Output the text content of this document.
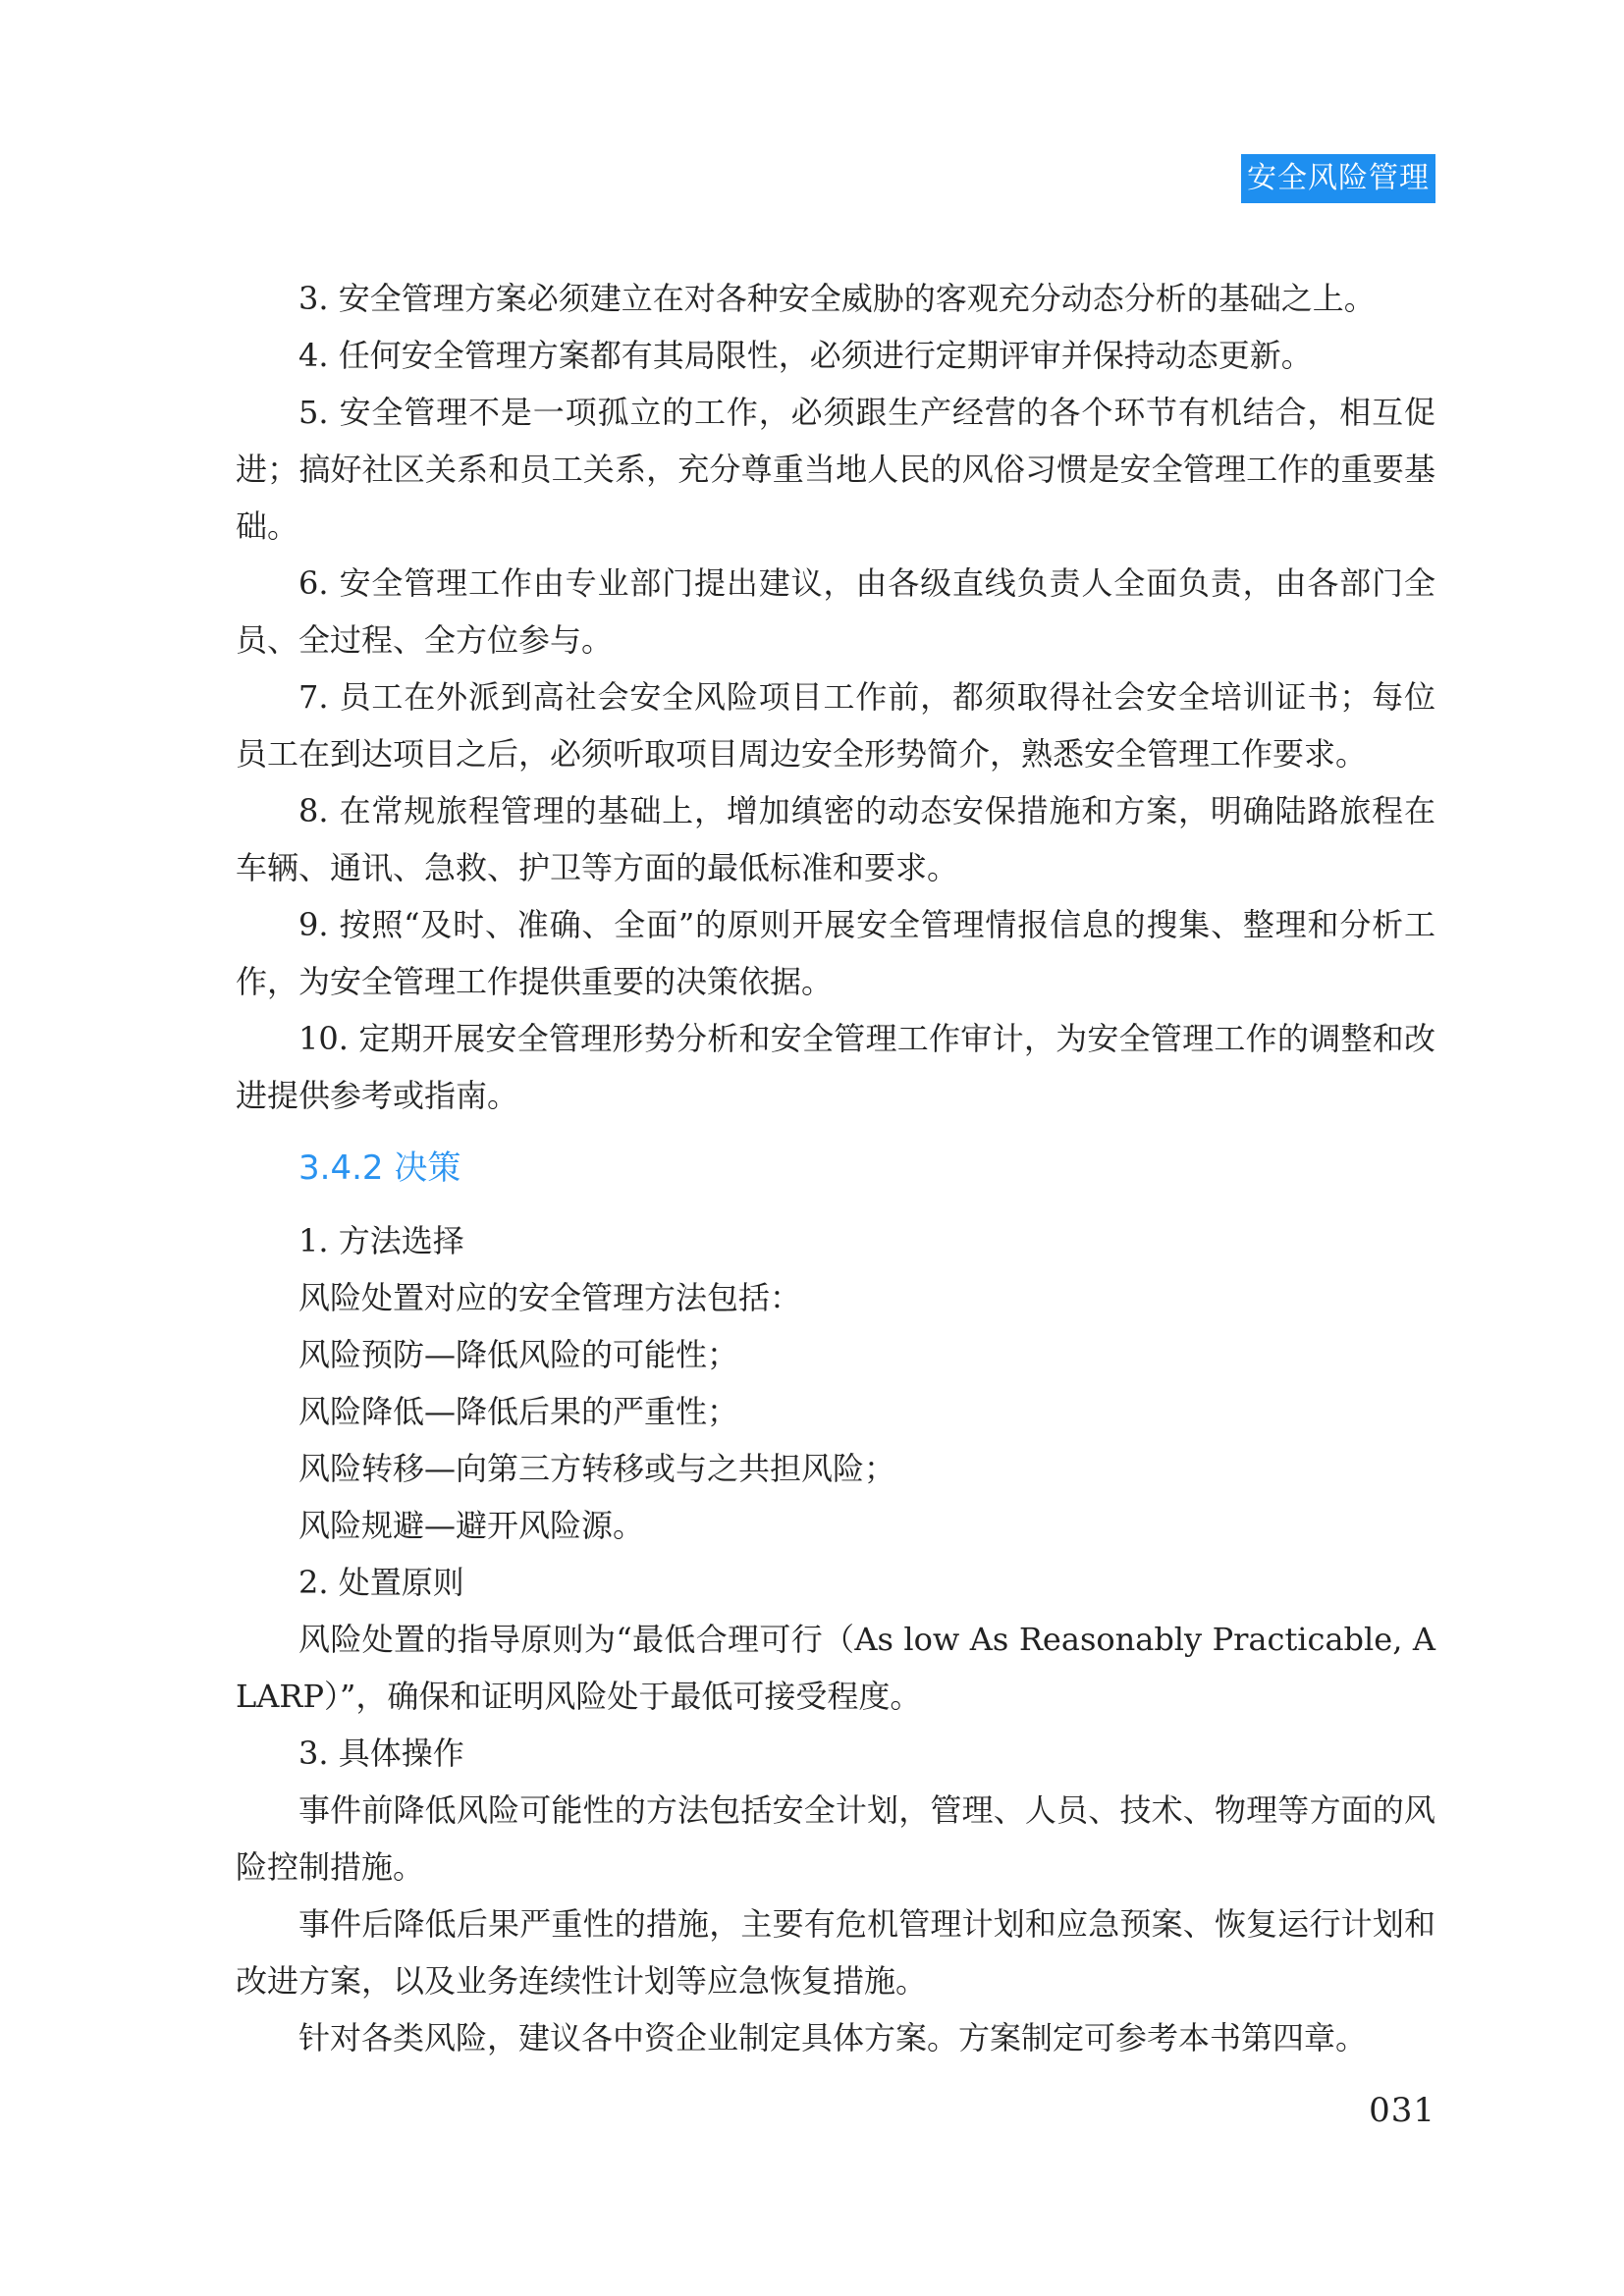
安全风险管理

3. 安全管理方案必须建立在对各种安全威胁的客观充分动态分析的基础之上。

4. 任何安全管理方案都有其局限性，必须进行定期评审并保持动态更新。

5. 安全管理不是一项孤立的工作，必须跟生产经营的各个环节有机结合，相互促进；搞好社区关系和员工关系，充分尊重当地人民的风俗习惯是安全管理工作的重要基础。

6. 安全管理工作由专业部门提出建议，由各级直线负责人全面负责，由各部门全员、全过程、全方位参与。

7. 员工在外派到高社会安全风险项目工作前，都须取得社会安全培训证书；每位员工在到达项目之后，必须听取项目周边安全形势简介，熟悉安全管理工作要求。

8. 在常规旅程管理的基础上，增加缜密的动态安保措施和方案，明确陆路旅程在车辆、通讯、急救、护卫等方面的最低标准和要求。

9. 按照“及时、准确、全面”的原则开展安全管理情报信息的搜集、整理和分析工作，为安全管理工作提供重要的决策依据。

10. 定期开展安全管理形势分析和安全管理工作审计，为安全管理工作的调整和改进提供参考或指南。

3.4.2 决策

1. 方法选择

风险处置对应的安全管理方法包括：

风险预防—降低风险的可能性；

风险降低—降低后果的严重性；

风险转移—向第三方转移或与之共担风险；

风险规避—避开风险源。

2. 处置原则

风险处置的指导原则为“最低合理可行（As low As Reasonably Practicable, ALARP）”，确保和证明风险处于最低可接受程度。

3. 具体操作

事件前降低风险可能性的方法包括安全计划，管理、人员、技术、物理等方面的风险控制措施。

事件后降低后果严重性的措施，主要有危机管理计划和应急预案、恢复运行计划和改进方案，以及业务连续性计划等应急恢复措施。

针对各类风险，建议各中资企业制定具体方案。方案制定可参考本书第四章。

031
